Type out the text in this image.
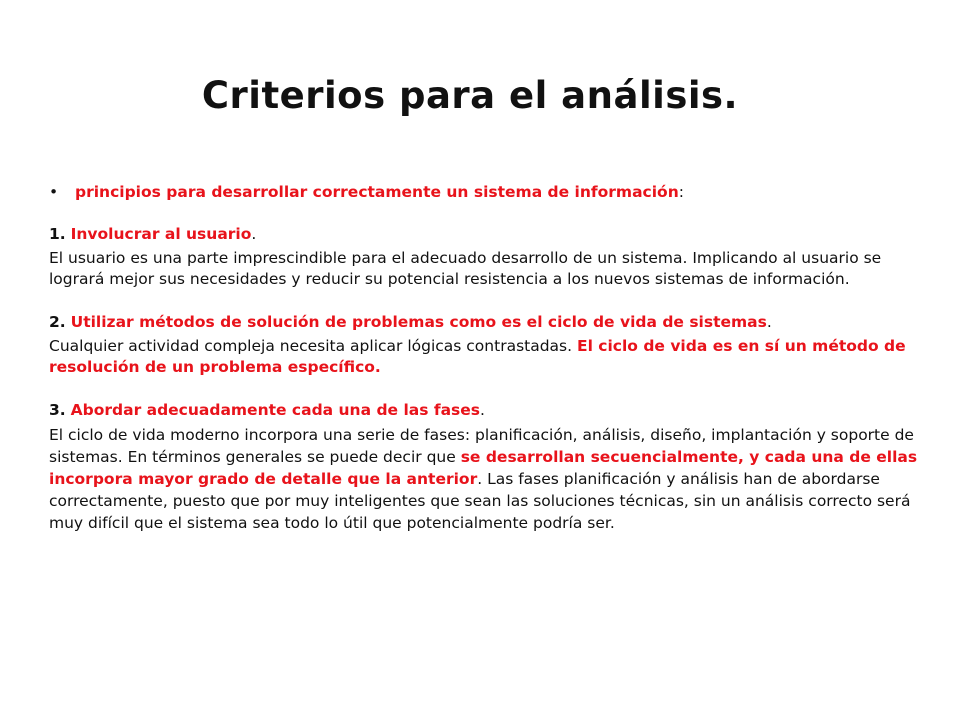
Criterios para el análisis.

• principios para desarrollar correctamente un sistema de información:

1. Involucrar al usuario.

El usuario es una parte imprescindible para el adecuado desarrollo de un sistema. Implicando al usuario se logrará mejor sus necesidades y reducir su potencial resistencia a los nuevos sistemas de información.

2. Utilizar métodos de solución de problemas como es el ciclo de vida de sistemas.

Cualquier actividad compleja necesita aplicar lógicas contrastadas. El ciclo de vida es en sí un método de resolución de un problema específico.

3. Abordar adecuadamente cada una de las fases.

El ciclo de vida moderno incorpora una serie de fases: planificación, análisis, diseño, implantación y soporte de sistemas. En términos generales se puede decir que se desarrollan secuencialmente, y cada una de ellas incorpora mayor grado de detalle que la anterior. Las fases planificación y análisis han de abordarse correctamente, puesto que por muy inteligentes que sean las soluciones técnicas, sin un análisis correcto será muy difícil que el sistema sea todo lo útil que potencialmente podría ser.
